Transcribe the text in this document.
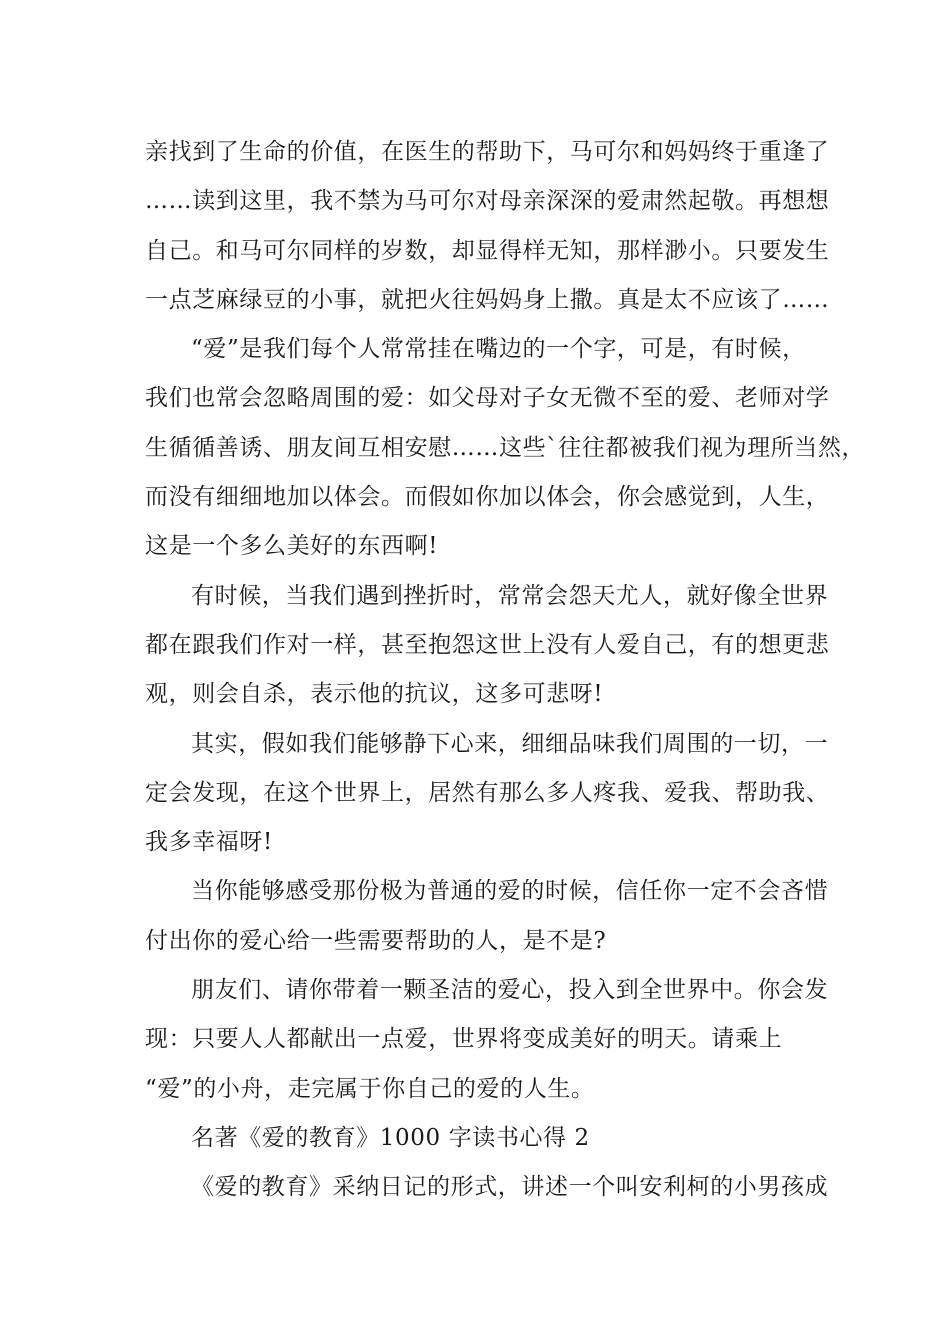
亲找到了生命的价值，在医生的帮助下，马可尔和妈妈终于重逢了
……读到这里，我不禁为马可尔对母亲深深的爱肃然起敬。再想想
自己。和马可尔同样的岁数，却显得样无知，那样渺小。只要发生
一点芝麻绿豆的小事，就把火往妈妈身上撒。真是太不应该了……
“爱”是我们每个人常常挂在嘴边的一个字，可是，有时候，
我们也常会忽略周围的爱：如父母对子女无微不至的爱、老师对学
生循循善诱、朋友间互相安慰……这些`往往都被我们视为理所当然，
而没有细细地加以体会。而假如你加以体会，你会感觉到，人生，
这是一个多么美好的东西啊!
有时候，当我们遇到挫折时，常常会怨天尤人，就好像全世界
都在跟我们作对一样，甚至抱怨这世上没有人爱自己，有的想更悲
观，则会自杀，表示他的抗议，这多可悲呀!
其实，假如我们能够静下心来，细细品味我们周围的一切，一
定会发现，在这个世界上，居然有那么多人疼我、爱我、帮助我、
我多幸福呀!
当你能够感受那份极为普通的爱的时候，信任你一定不会吝惜
付出你的爱心给一些需要帮助的人，是不是?
朋友们、请你带着一颗圣洁的爱心，投入到全世界中。你会发
现：只要人人都献出一点爱，世界将变成美好的明天。请乘上
“爱”的小舟，走完属于你自己的爱的人生。
名著《爱的教育》1000 字读书心得 2
《爱的教育》采纳日记的形式，讲述一个叫安利柯的小男孩成
